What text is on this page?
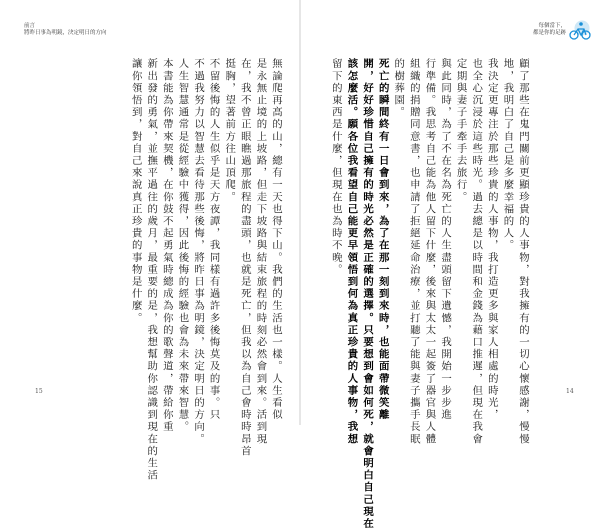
前言
將昨日事為明鏡，決定明日的方向
每個當下，
都是你的足跡

無論爬再高的山，總有一天也得下山。我們的生活也一樣。人生看似

是永無止境的上坡路，但走下坡路與結束旅程的時刻必然會到來。活到現

在，我不曾正眼瞧過那旅程的盡頭，也就是死亡，但我以為自己會時時昂首

挺胸，望著前方往山頂爬。

不留後悔的人生似乎是天方夜譚，我同樣有過許多後悔莫及的事。只

不過我努力以智慧去看待那些後悔，將昨日事為明鏡，決定明日的方向。

人生智慧通常是從經驗中獲得，因此後悔的經驗也會為未來帶來智慧。

本書能為你帶來契機，在你鼓不起勇氣時總成為你的歌聲道，帶給你重

新出發的勇氣，並撫平過往的歲月，最重要的是，我想幫助你認識到現在的生活

讓你領悟到，對自己來說真正珍貴的事物是什麼。	顧了那些在鬼門關前更顯珍貴的人事物，對我擁有的一切心懷感謝，慢慢

地，我明白了自己是多麼幸福的人。

我決定更專注於那些珍貴的人事物，我打造更多與家人相處的時光，

也全心沉浸於這些時光。過去總是以時間和金錢為藉口推遲，但現在我會

定期與妻子手牽手去旅行。

與此同時，為了不在名為死亡的人生盡頭留下遺憾，我開始一步步進

行準備。我思考自己能為他人留下什麼，後來與太太一起簽了器官與人體

組織的捐贈同意書，也申請了拒絕延命治療，並打聽了能與妻子攜手長眠

的樹葬園。

死亡的瞬間終有一日會到來，為了在那一刻到來時，也能面帶微笑離

開，好好珍惜自己擁有的時光必然是正確的選擇。只要想到會如何死，就會明白自己現在

該怎麼活。願各位我看望自己能更早領悟到何為真正珍貴的人事物，我想

留下的東西是什麼，但現在也為時不晚。

15	14
